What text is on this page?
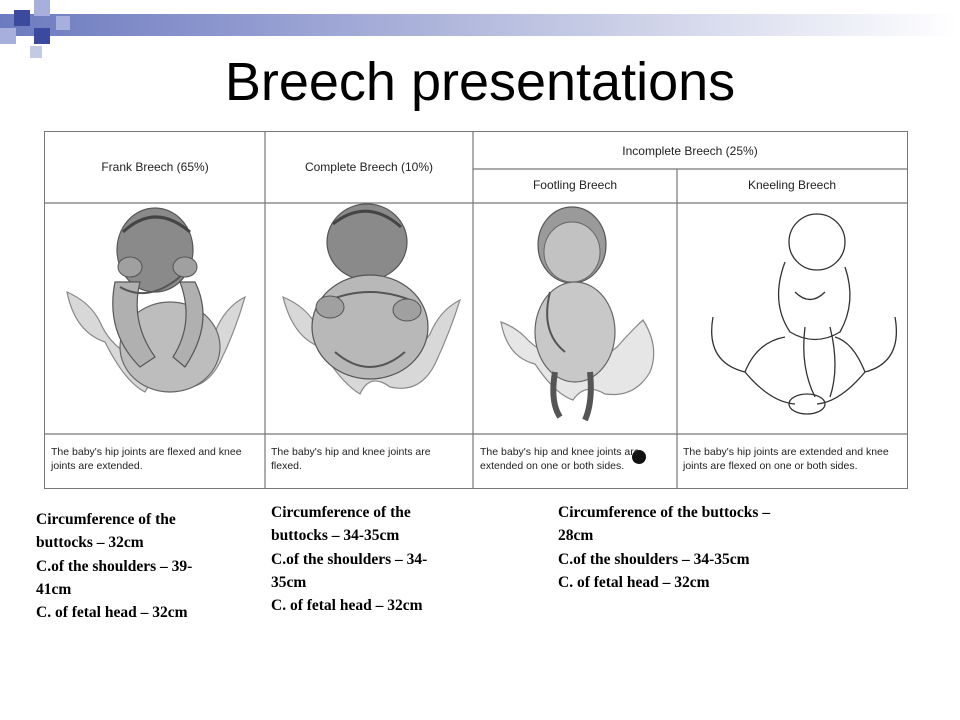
Breech presentations
Frank Breech (65%)	Complete Breech (10%)
Incomplete Breech (25%)
Footling Breech	Kneeling Breech
The baby's hip joints are flexed and knee
joints are extended.
The baby's hip and knee joints are
flexed.
The baby's hip and knee joints are
extended on one or both sides.
The baby's hip joints are extended and knee
joints are flexed on one or both sides.
Circumference of the
buttocks – 32cm
C.of the shoulders – 39-
41cm
C. of fetal head – 32cm
Circumference of the
buttocks – 34-35cm
C.of the shoulders – 34-
35cm
C. of fetal head – 32cm
Circumference of the buttocks –
28cm
C.of the shoulders – 34-35cm
C. of fetal head – 32cm
